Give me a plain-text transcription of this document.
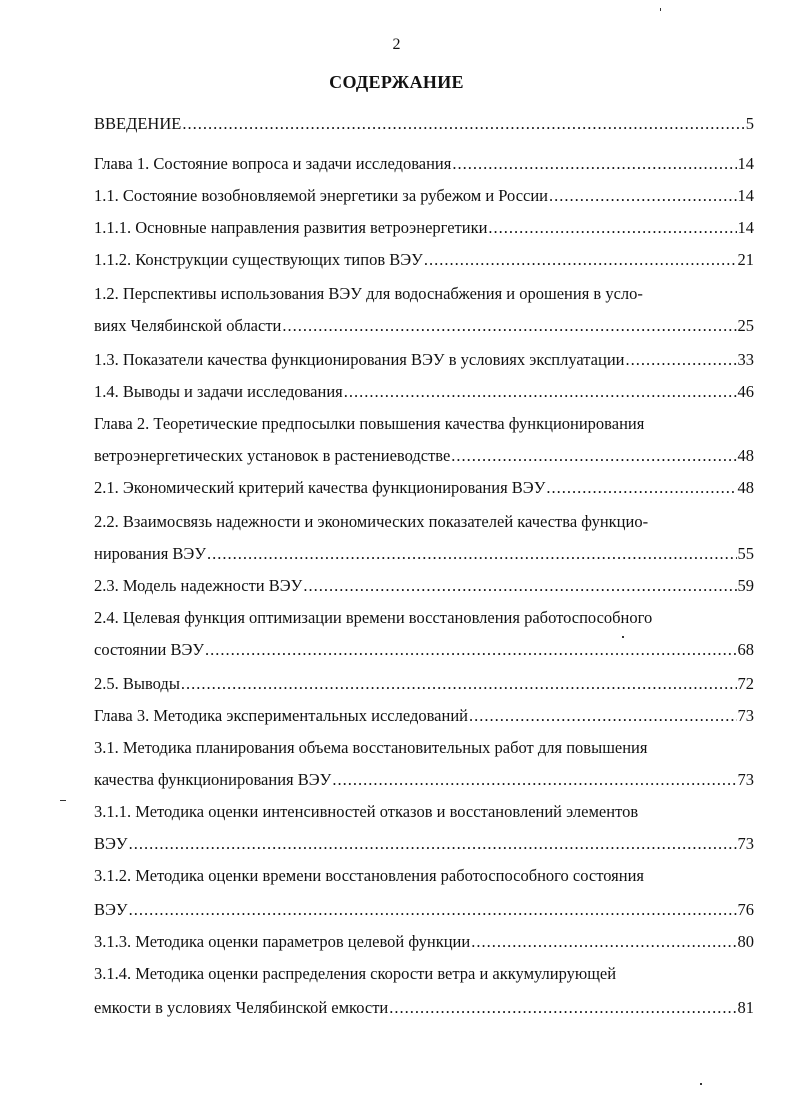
2
СОДЕРЖАНИЕ
ВВЕДЕНИЕ .....	5
Глава 1. Состояние вопроса и задачи исследования .....	14
1.1. Состояние возобновляемой энергетики за рубежом и России .....	14
1.1.1. Основные направления развития ветроэнергетики .....	14
1.1.2. Конструкции существующих типов ВЭУ .....	21
1.2. Перспективы использования ВЭУ для водоснабжения и орошения в усло-
виях Челябинской области .....	25
1.3. Показатели качества функционирования ВЭУ в условиях эксплуатации .....	33
1.4. Выводы и задачи исследования .....	46
Глава 2. Теоретические предпосылки повышения качества функционирования
ветроэнергетических установок в растениеводстве .....	48
2.1. Экономический критерий качества функционирования ВЭУ .....	48
2.2. Взаимосвязь надежности и экономических показателей качества функцио-
нирования ВЭУ .....	55
2.3. Модель надежности ВЭУ .....	59
2.4. Целевая функция оптимизации времени восстановления работоспособного
состоянии ВЭУ .....	68
2.5. Выводы .....	72
Глава 3. Методика экспериментальных исследований .....	73
3.1. Методика планирования объема восстановительных работ для повышения
качества функционирования ВЭУ .....	73
3.1.1. Методика оценки интенсивностей отказов и восстановлений элементов
ВЭУ .....	73
3.1.2. Методика оценки времени восстановления работоспособного состояния
ВЭУ .....	76
3.1.3. Методика оценки параметров целевой функции .....	80
3.1.4. Методика оценки распределения скорости ветра и аккумулирующей
емкости в условиях Челябинской емкости .....	81
